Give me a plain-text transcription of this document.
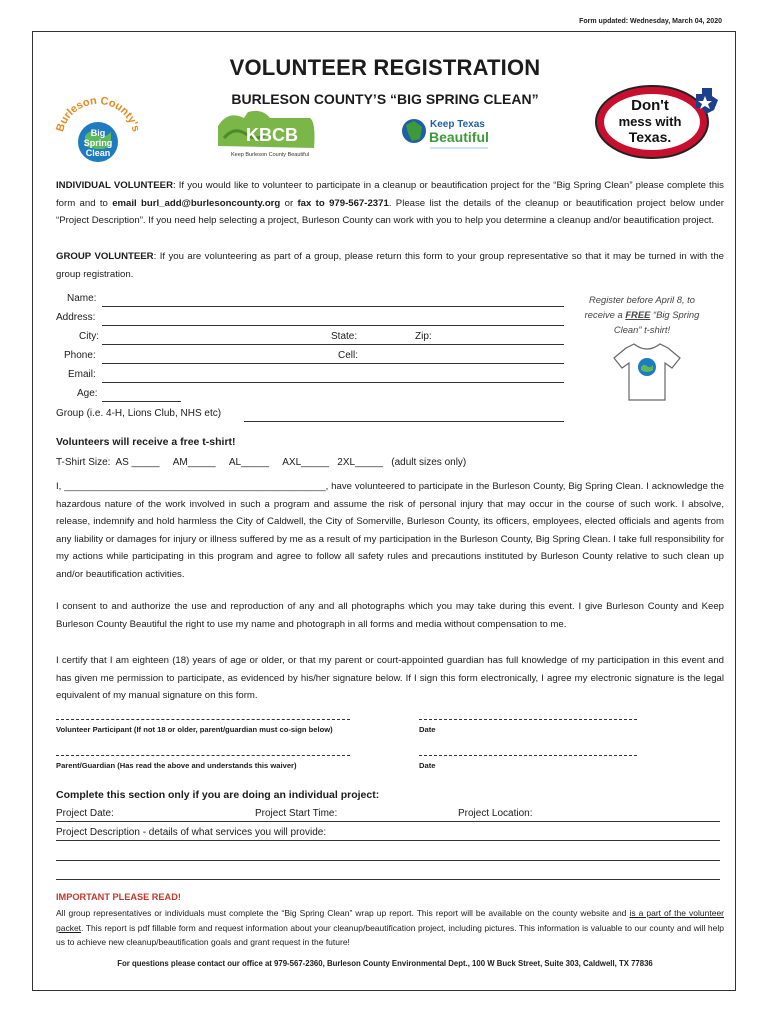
Form updated: Wednesday, March 04, 2020
VOLUNTEER REGISTRATION
BURLESON COUNTY’S “BIG SPRING CLEAN”
Burleson County's
Big
Spring
Clean
KBCB
Keep Burleson County Beautiful
Keep Texas
Beautiful
Don't
mess with
Texas.
INDIVIDUAL VOLUNTEER: If you would like to volunteer to participate in a cleanup or beautification project for the “Big Spring Clean” please complete this form and to email burl_add@burlesoncounty.org or fax to 979-567-2371. Please list the details of the cleanup or beautification project below under “Project Description”. If you need help selecting a project, Burleson County can work with you to help you determine a cleanup and/or beautification project.
GROUP VOLUNTEER: If you are volunteering as part of a group, please return this form to your group representative so that it may be turned in with the group registration.
Name:
Address:
City:	State:	Zip:
Phone:	Cell:
Email:
Age:
Group (i.e. 4-H, Lions Club, NHS etc)
Register before April 8, to
receive a FREE “Big Spring
Clean” t-shirt!
Volunteers will receive a free t-shirt!
T-Shirt Size:  AS _____     AM_____     AL_____     AXL_____   2XL_____   (adult sizes only)
I, _________________________________________________, have volunteered to participate in the Burleson County, Big Spring Clean. I acknowledge the hazardous nature of the work involved in such a program and assume the risk of personal injury that may occur in the course of such work. I absolve, release, indemnify and hold harmless the City of Caldwell, the City of Somerville, Burleson County, its officers, employees, elected officials and agents from any liability or damages for injury or illness suffered by me as a result of my participation in the Burleson County, Big Spring Clean. I take full responsibility for my actions while participating in this program and agree to follow all safety rules and precautions instituted by Burleson County relative to such clean up and/or beautification activities.
I consent to and authorize the use and reproduction of any and all photographs which you may take during this event. I give Burleson County and Keep Burleson County Beautiful the right to use my name and photograph in all forms and media without compensation to me.
I certify that I am eighteen (18) years of age or older, or that my parent or court-appointed guardian has full knowledge of my participation in this event and has given me permission to participate, as evidenced by his/her signature below. If I sign this form electronically, I agree my electronic signature is the legal equivalent of my manual signature on this form.
Volunteer Participant (If not 18 or older, parent/guardian must co-sign below)	Date
Parent/Guardian (Has read the above and understands this waiver)	Date
Complete this section only if you are doing an individual project:
Project Date:	Project Start Time:	Project Location:
Project Description - details of what services you will provide:
IMPORTANT PLEASE READ!
All group representatives or individuals must complete the “Big Spring Clean” wrap up report. This report will be available on the county website and is a part of the volunteer packet. This report is pdf fillable form and request information about your cleanup/beautification project, including pictures. This information is valuable to our county and will help us to achieve new cleanup/beautification goals and grant request in the future!
For questions please contact our office at 979-567-2360, Burleson County Environmental Dept., 100 W Buck Street, Suite 303, Caldwell, TX 77836
